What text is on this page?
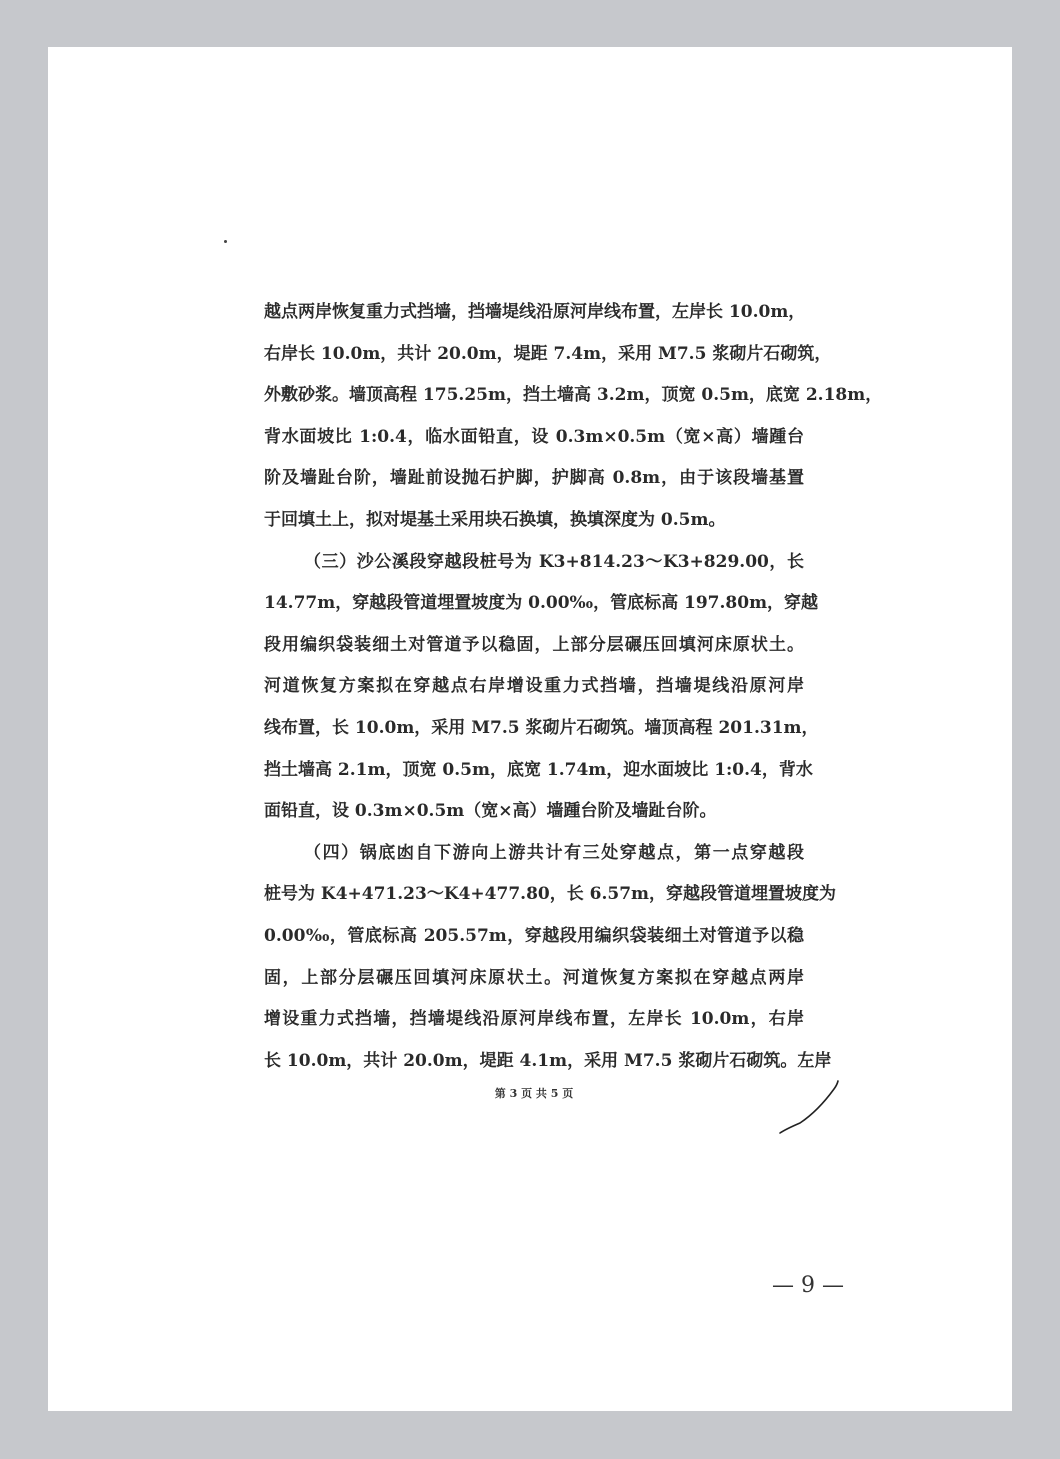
越点两岸恢复重力式挡墙，挡墙堤线沿原河岸线布置，左岸长 10.0m，
右岸长 10.0m，共计 20.0m，堤距 7.4m，采用 M7.5 浆砌片石砌筑，
外敷砂浆。墙顶高程 175.25m，挡土墙高 3.2m，顶宽 0.5m，底宽 2.18m，
背水面坡比 1:0.4，临水面铅直，设 0.3m×0.5m（宽×高）墙踵台
阶及墙趾台阶，墙趾前设抛石护脚，护脚高 0.8m，由于该段墙基置
于回填土上，拟对堤基土采用块石换填，换填深度为 0.5m。
（三）沙公溪段穿越段桩号为 K3+814.23～K3+829.00，长
14.77m，穿越段管道埋置坡度为 0.00‰，管底标高 197.80m，穿越
段用编织袋装细土对管道予以稳固，上部分层碾压回填河床原状土。
河道恢复方案拟在穿越点右岸增设重力式挡墙，挡墙堤线沿原河岸
线布置，长 10.0m，采用 M7.5 浆砌片石砌筑。墙顶高程 201.31m，
挡土墙高 2.1m，顶宽 0.5m，底宽 1.74m，迎水面坡比 1:0.4，背水
面铅直，设 0.3m×0.5m（宽×高）墙踵台阶及墙趾台阶。
（四）锅底凼自下游向上游共计有三处穿越点，第一点穿越段
桩号为 K4+471.23～K4+477.80，长 6.57m，穿越段管道埋置坡度为
0.00‰，管底标高 205.57m，穿越段用编织袋装细土对管道予以稳
固，上部分层碾压回填河床原状土。河道恢复方案拟在穿越点两岸
增设重力式挡墙，挡墙堤线沿原河岸线布置，左岸长 10.0m，右岸
长 10.0m，共计 20.0m，堤距 4.1m，采用 M7.5 浆砌片石砌筑。左岸
第 3 页 共 5 页
— 9 —
